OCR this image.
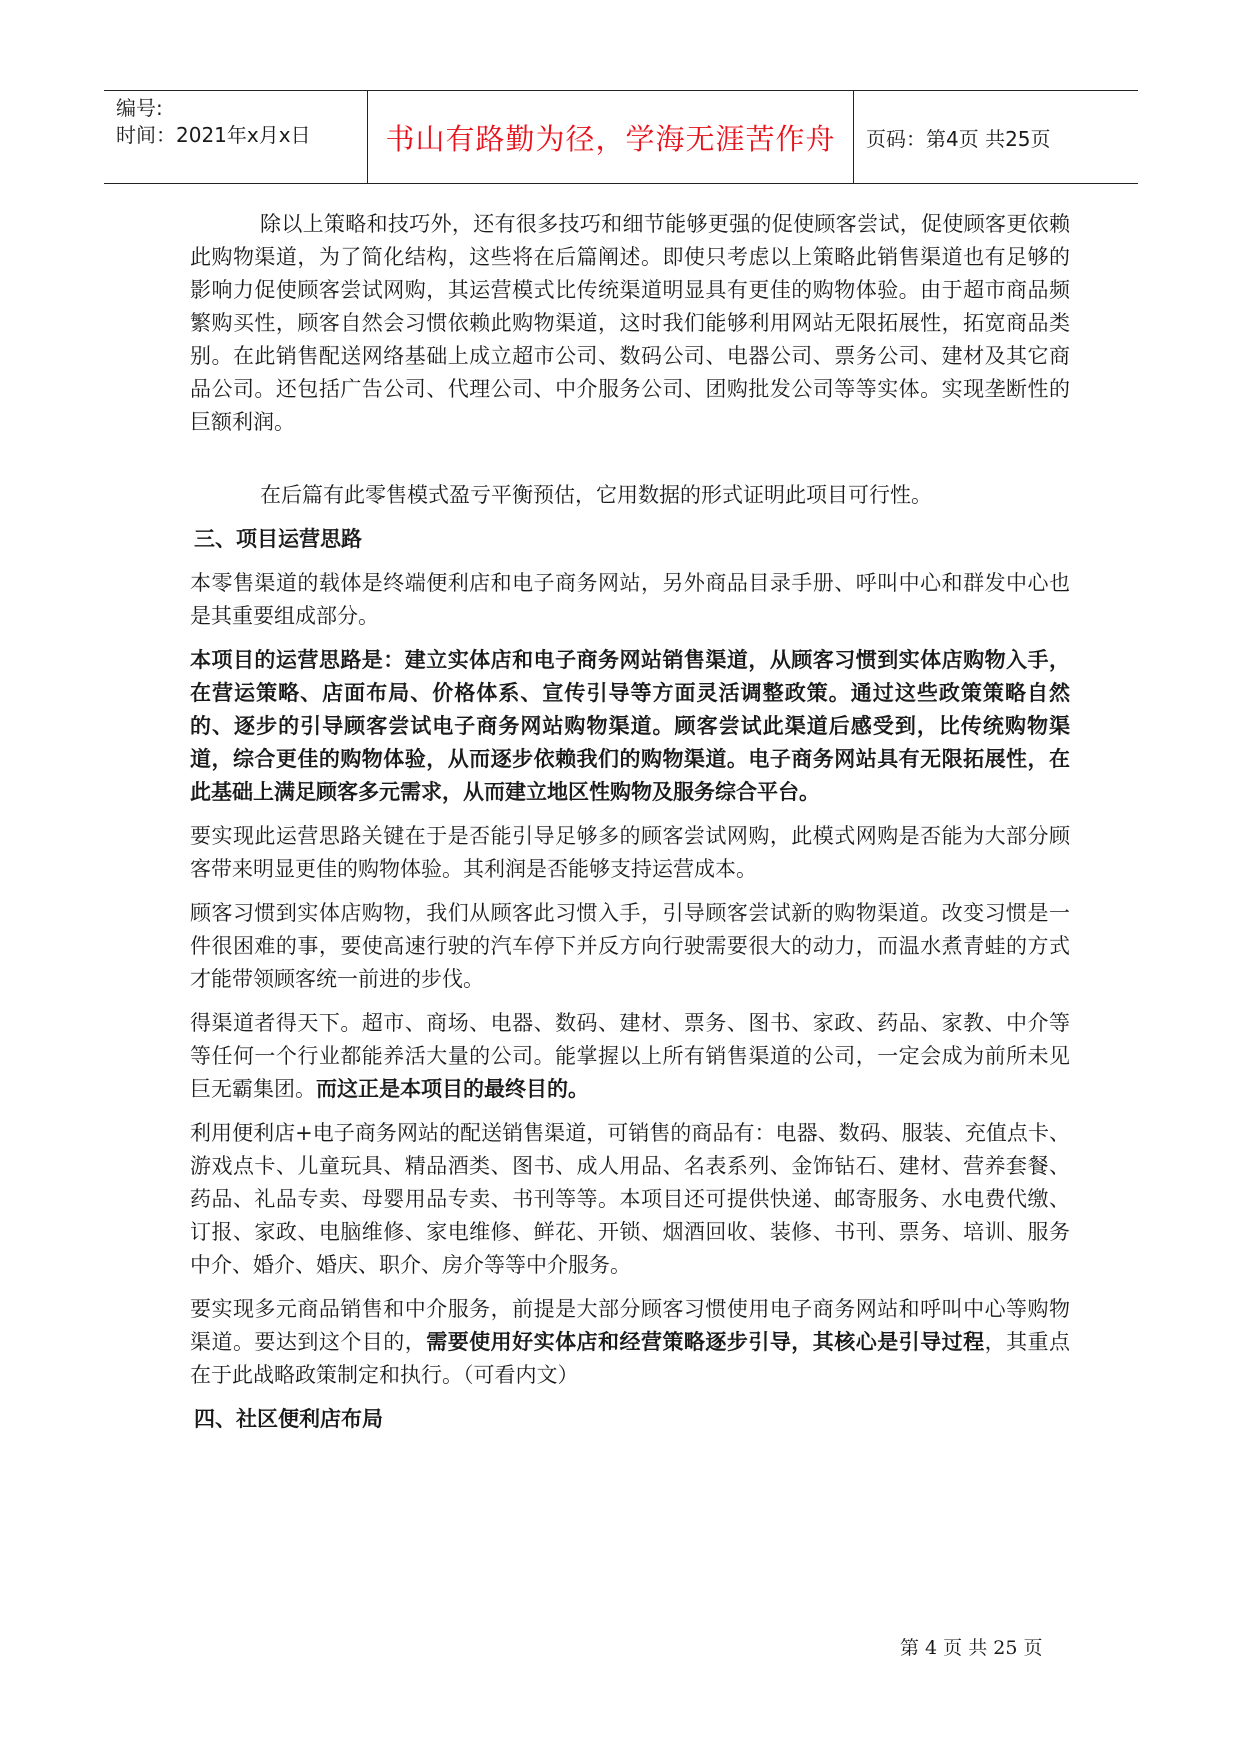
编号:
时间：2021年x月x日	书山有路勤为径，学海无涯苦作舟	页码：第4页 共25页

除以上策略和技巧外，还有很多技巧和细节能够更强的促使顾客尝试，促使顾客更依赖此购物渠道，为了简化结构，这些将在后篇阐述。即使只考虑以上策略此销售渠道也有足够的影响力促使顾客尝试网购，其运营模式比传统渠道明显具有更佳的购物体验。由于超市商品频繁购买性，顾客自然会习惯依赖此购物渠道，这时我们能够利用网站无限拓展性，拓宽商品类别。在此销售配送网络基础上成立超市公司、数码公司、电器公司、票务公司、建材及其它商品公司。还包括广告公司、代理公司、中介服务公司、团购批发公司等等实体。实现垄断性的巨额利润。

在后篇有此零售模式盈亏平衡预估，它用数据的形式证明此项目可行性。

三、项目运营思路

本零售渠道的载体是终端便利店和电子商务网站，另外商品目录手册、呼叫中心和群发中心也是其重要组成部分。

本项目的运营思路是：建立实体店和电子商务网站销售渠道，从顾客习惯到实体店购物入手，在营运策略、店面布局、价格体系、宣传引导等方面灵活调整政策。通过这些政策策略自然的、逐步的引导顾客尝试电子商务网站购物渠道。顾客尝试此渠道后感受到，比传统购物渠道，综合更佳的购物体验，从而逐步依赖我们的购物渠道。电子商务网站具有无限拓展性，在此基础上满足顾客多元需求，从而建立地区性购物及服务综合平台。

要实现此运营思路关键在于是否能引导足够多的顾客尝试网购，此模式网购是否能为大部分顾客带来明显更佳的购物体验。其利润是否能够支持运营成本。

顾客习惯到实体店购物，我们从顾客此习惯入手，引导顾客尝试新的购物渠道。改变习惯是一件很困难的事，要使高速行驶的汽车停下并反方向行驶需要很大的动力，而温水煮青蛙的方式才能带领顾客统一前进的步伐。

得渠道者得天下。超市、商场、电器、数码、建材、票务、图书、家政、药品、家教、中介等等任何一个行业都能养活大量的公司。能掌握以上所有销售渠道的公司，一定会成为前所未见巨无霸集团。而这正是本项目的最终目的。

利用便利店+电子商务网站的配送销售渠道，可销售的商品有：电器、数码、服装、充值点卡、游戏点卡、儿童玩具、精品酒类、图书、成人用品、名表系列、金饰钻石、建材、营养套餐、药品、礼品专卖、母婴用品专卖、书刊等等。本项目还可提供快递、邮寄服务、水电费代缴、订报、家政、电脑维修、家电维修、鲜花、开锁、烟酒回收、装修、书刊、票务、培训、服务中介、婚介、婚庆、职介、房介等等中介服务。

要实现多元商品销售和中介服务，前提是大部分顾客习惯使用电子商务网站和呼叫中心等购物渠道。要达到这个目的，需要使用好实体店和经营策略逐步引导，其核心是引导过程，其重点在于此战略政策制定和执行。（可看内文）

四、社区便利店布局

第 4 页 共 25 页
